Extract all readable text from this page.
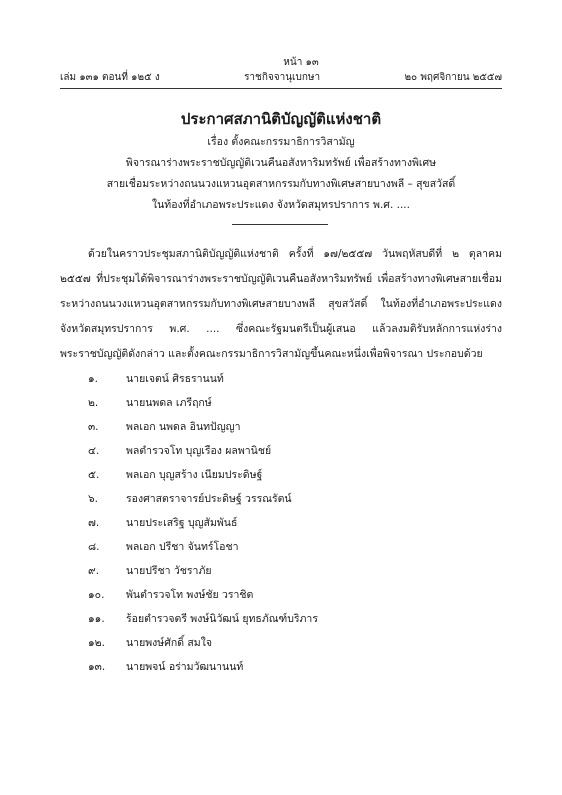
หน้า ๑๓
เล่ม ๑๓๑ ตอนที่ ๑๒๕ ง	ราชกิจจานุเบกษา	๒๐ พฤศจิกายน ๒๕๕๗
ประกาศสภานิติบัญญัติแห่งชาติ
เรื่อง ตั้งคณะกรรมาธิการวิสามัญ
พิจารณาร่างพระราชบัญญัติเวนคืนอสังหาริมทรัพย์ เพื่อสร้างทางพิเศษ
สายเชื่อมระหว่างถนนวงแหวนอุตสาหกรรมกับทางพิเศษสายบางพลี – สุขสวัสดิ์
ในท้องที่อำเภอพระประแดง จังหวัดสมุทรปราการ พ.ศ. ....
ด้วยในคราวประชุมสภานิติบัญญัติแห่งชาติ ครั้งที่ ๑๗/๒๕๕๗ วันพฤหัสบดีที่ ๒ ตุลาคม
๒๕๕๗ ที่ประชุมได้พิจารณาร่างพระราชบัญญัติเวนคืนอสังหาริมทรัพย์ เพื่อสร้างทางพิเศษสายเชื่อม
ระหว่างถนนวงแหวนอุตสาหกรรมกับทางพิเศษสายบางพลี สุขสวัสดิ์ ในท้องที่อำเภอพระประแดง
จังหวัดสมุทรปราการ พ.ศ. .... ซึ่งคณะรัฐมนตรีเป็นผู้เสนอ แล้วลงมติรับหลักการแห่งร่าง
พระราชบัญญัติดังกล่าว และตั้งคณะกรรมาธิการวิสามัญขึ้นคณะหนึ่งเพื่อพิจารณา ประกอบด้วย
๑.	นายเจตน์ ศิรธรานนท์
๒.	นายนพดล เภรีฤกษ์
๓.	พลเอก นพดล อินทปัญญา
๔.	พลตำรวจโท บุญเรือง ผลพานิชย์
๕.	พลเอก บุญสร้าง เนียมประดิษฐ์
๖.	รองศาสตราจารย์ประดิษฐ์ วรรณรัตน์
๗.	นายประเสริฐ บุญสัมพันธ์
๘.	พลเอก ปรีชา จันทร์โอชา
๙.	นายปรีชา วัชราภัย
๑๐.	พันตำรวจโท พงษ์ชัย วราชิต
๑๑.	ร้อยตำรวจตรี พงษ์นิวัฒน์ ยุทธภัณฑ์บริภาร
๑๒.	นายพงษ์ศักดิ์ สมใจ
๑๓.	นายพจน์ อร่ามวัฒนานนท์
